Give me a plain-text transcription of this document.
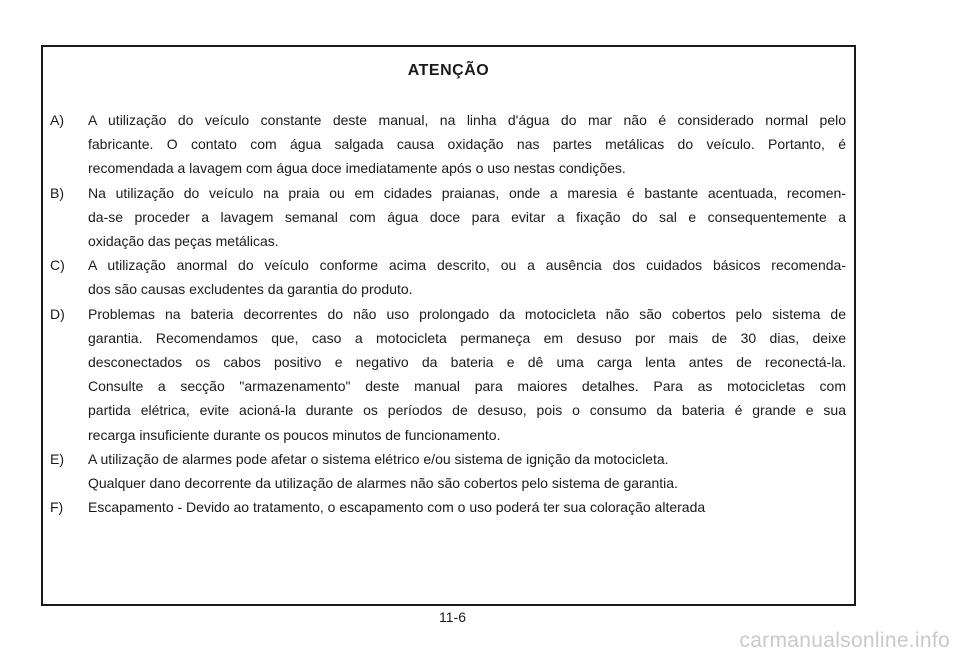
ATENÇÃO
A) A utilização do veículo constante deste manual, na linha d'água do mar não é considerado normal pelo
fabricante. O contato com água salgada causa oxidação nas partes metálicas do veículo. Portanto, é
recomendada a lavagem com água doce imediatamente após o uso nestas condições.
B) Na utilização do veículo na praia ou em cidades praianas, onde a maresia é bastante acentuada, recomen-
da-se proceder a lavagem semanal com água doce para evitar a fixação do sal e consequentemente a
oxidação das peças metálicas.
C) A utilização anormal do veículo conforme acima descrito, ou a ausência dos cuidados básicos recomenda-
dos são causas excludentes da garantia do produto.
D) Problemas na bateria decorrentes do não uso prolongado da motocicleta não são cobertos pelo sistema de
garantia. Recomendamos que, caso a motocicleta permaneça em desuso por mais de 30 dias, deixe
desconectados os cabos positivo e negativo da bateria e dê uma carga lenta antes de reconectá-la.
Consulte a secção "armazenamento" deste manual para maiores detalhes. Para as motocicletas com
partida elétrica, evite acioná-la durante os períodos de desuso, pois o consumo da bateria é grande e sua
recarga insuficiente durante os poucos minutos de funcionamento.
E) A utilização de alarmes pode afetar o sistema elétrico e/ou sistema de ignição da motocicleta.
Qualquer dano decorrente da utilização de alarmes não são cobertos pelo sistema de garantia.
F) Escapamento - Devido ao tratamento, o escapamento com o uso poderá ter sua coloração alterada
11-6
carmanualsonline.info
